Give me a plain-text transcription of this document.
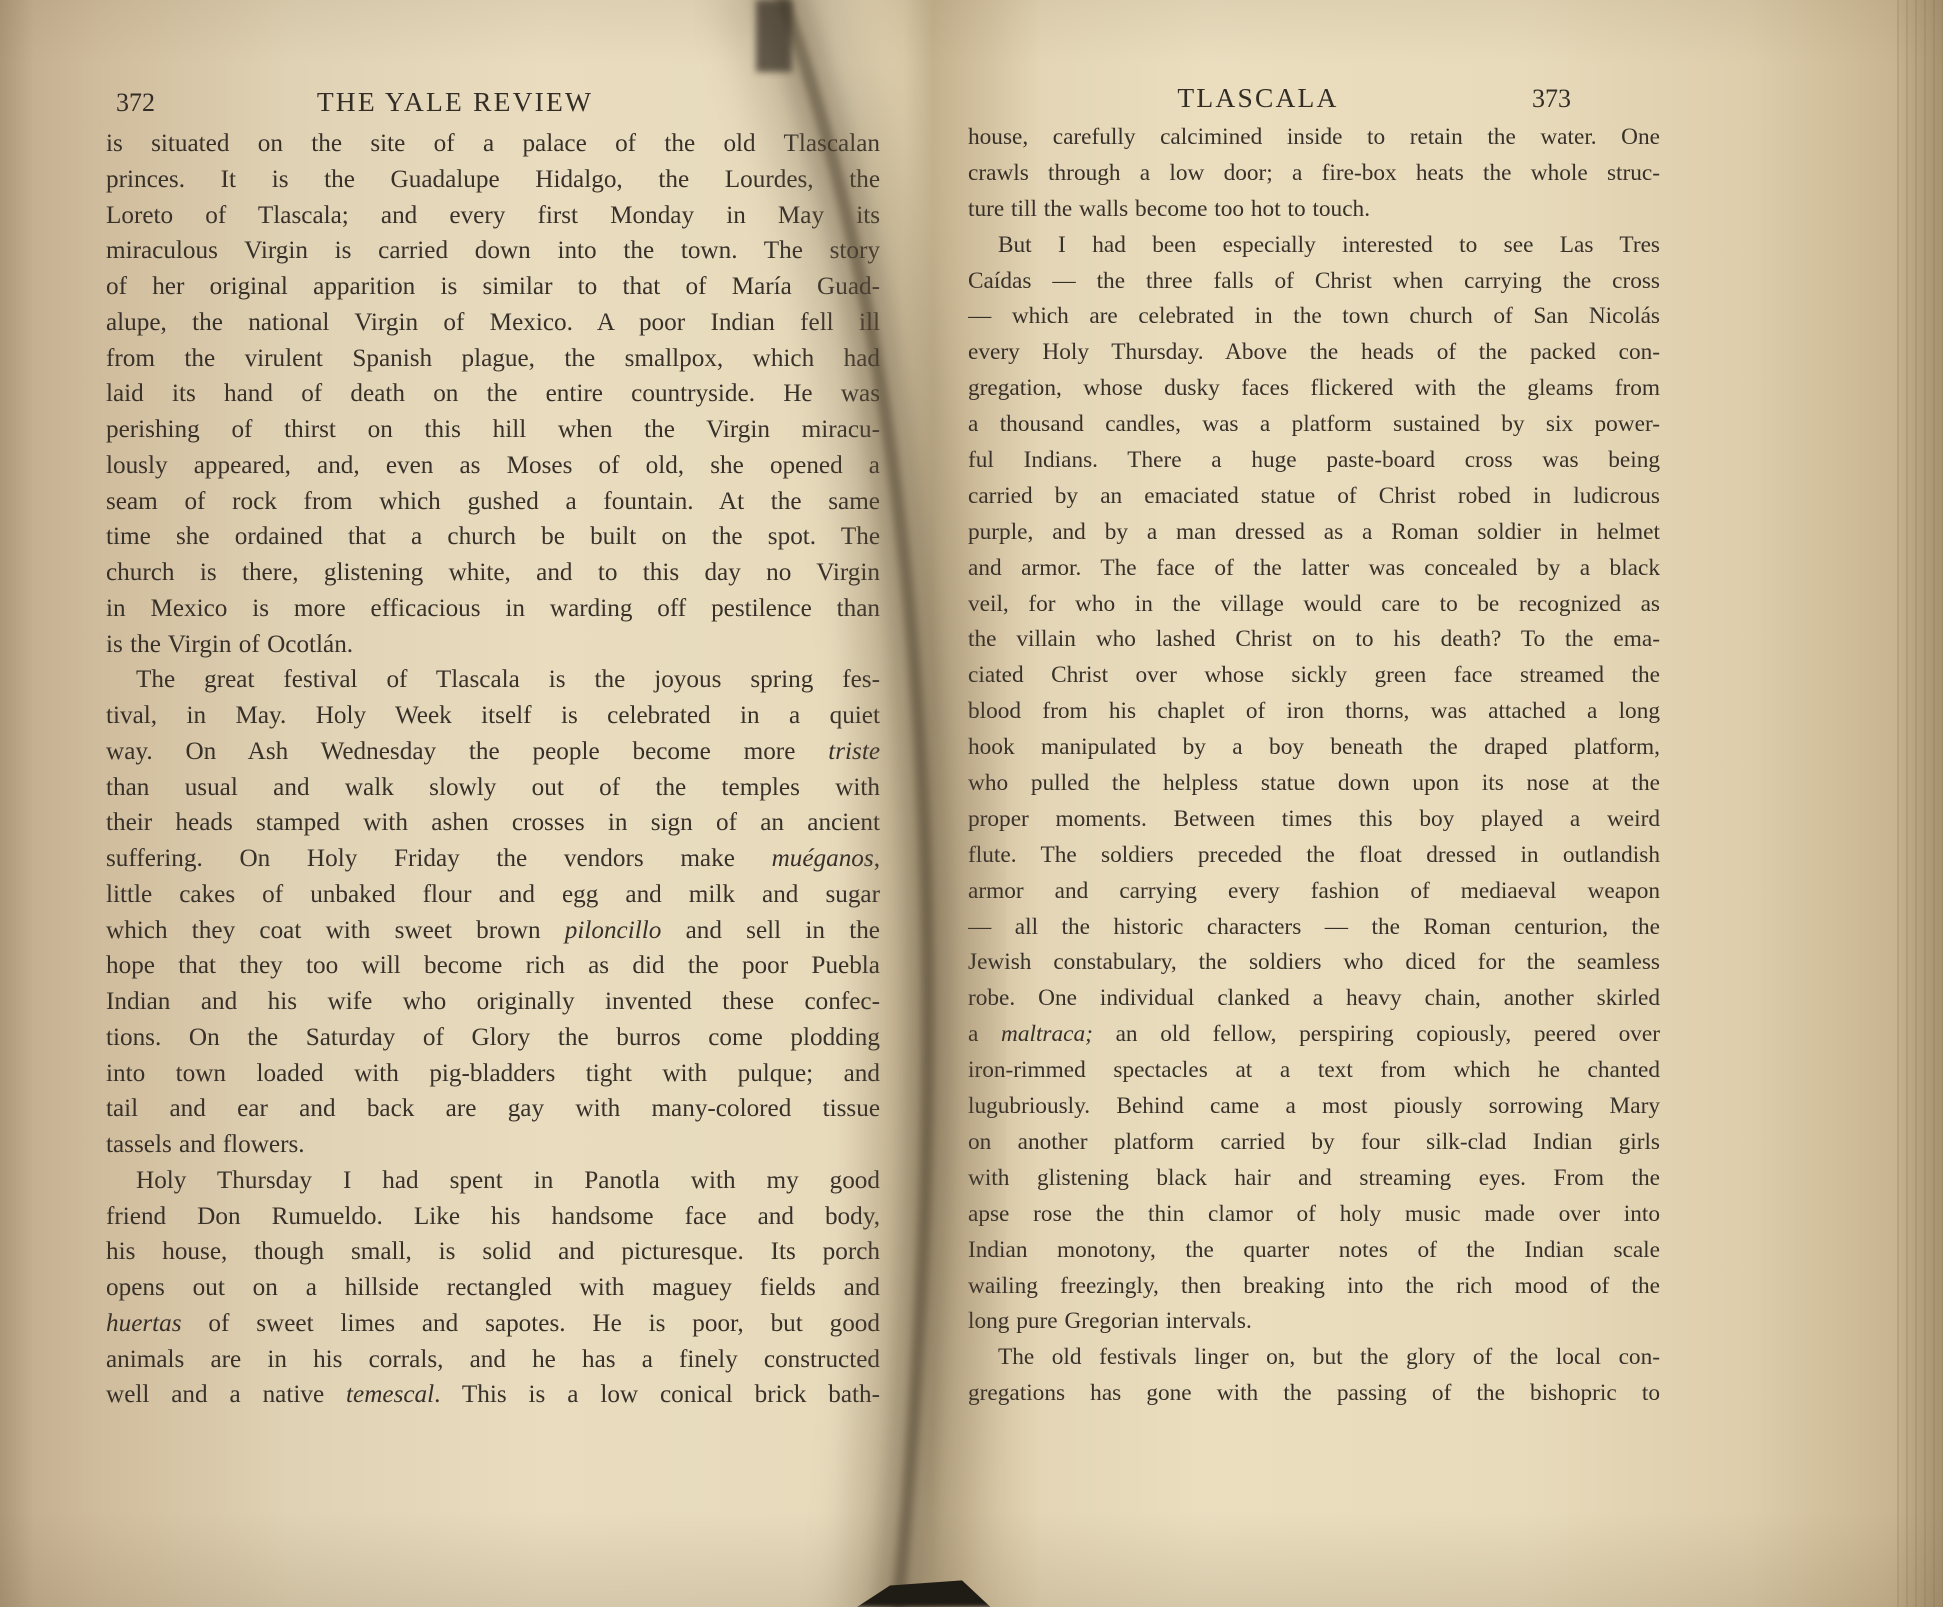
372	THE YALE REVIEW
is situated on the site of a palace of the old Tlascalan
princes. It is the Guadalupe Hidalgo, the Lourdes, the
Loreto of Tlascala; and every first Monday in May its
miraculous Virgin is carried down into the town. The story
of her original apparition is similar to that of María Guad-
alupe, the national Virgin of Mexico. A poor Indian fell ill
from the virulent Spanish plague, the smallpox, which had
laid its hand of death on the entire countryside. He was
perishing of thirst on this hill when the Virgin miracu-
lously appeared, and, even as Moses of old, she opened a
seam of rock from which gushed a fountain. At the same
time she ordained that a church be built on the spot. The
church is there, glistening white, and to this day no Virgin
in Mexico is more efficacious in warding off pestilence than
is the Virgin of Ocotlán.
The great festival of Tlascala is the joyous spring fes-
tival, in May. Holy Week itself is celebrated in a quiet
way. On Ash Wednesday the people become more triste
than usual and walk slowly out of the temples with
their heads stamped with ashen crosses in sign of an ancient
suffering. On Holy Friday the vendors make muéganos,
little cakes of unbaked flour and egg and milk and sugar
which they coat with sweet brown piloncillo and sell in the
hope that they too will become rich as did the poor Puebla
Indian and his wife who originally invented these confec-
tions. On the Saturday of Glory the burros come plodding
into town loaded with pig-bladders tight with pulque; and
tail and ear and back are gay with many-colored tissue
tassels and flowers.
Holy Thursday I had spent in Panotla with my good
friend Don Rumueldo. Like his handsome face and body,
his house, though small, is solid and picturesque. Its porch
opens out on a hillside rectangled with maguey fields and
huertas of sweet limes and sapotes. He is poor, but good
animals are in his corrals, and he has a finely constructed
well and a native temescal. This is a low conical brick bath-
TLASCALA	373
house, carefully calcimined inside to retain the water. One
crawls through a low door; a fire-box heats the whole struc-
ture till the walls become too hot to touch.
But I had been especially interested to see Las Tres
Caídas — the three falls of Christ when carrying the cross
— which are celebrated in the town church of San Nicolás
every Holy Thursday. Above the heads of the packed con-
gregation, whose dusky faces flickered with the gleams from
a thousand candles, was a platform sustained by six power-
ful Indians. There a huge paste-board cross was being
carried by an emaciated statue of Christ robed in ludicrous
purple, and by a man dressed as a Roman soldier in helmet
and armor. The face of the latter was concealed by a black
veil, for who in the village would care to be recognized as
the villain who lashed Christ on to his death? To the ema-
ciated Christ over whose sickly green face streamed the
blood from his chaplet of iron thorns, was attached a long
hook manipulated by a boy beneath the draped platform,
who pulled the helpless statue down upon its nose at the
proper moments. Between times this boy played a weird
flute. The soldiers preceded the float dressed in outlandish
armor and carrying every fashion of mediaeval weapon
— all the historic characters — the Roman centurion, the
Jewish constabulary, the soldiers who diced for the seamless
robe. One individual clanked a heavy chain, another skirled
a maltraca; an old fellow, perspiring copiously, peered over
iron-rimmed spectacles at a text from which he chanted
lugubriously. Behind came a most piously sorrowing Mary
on another platform carried by four silk-clad Indian girls
with glistening black hair and streaming eyes. From the
apse rose the thin clamor of holy music made over into
Indian monotony, the quarter notes of the Indian scale
wailing freezingly, then breaking into the rich mood of the
long pure Gregorian intervals.
The old festivals linger on, but the glory of the local con-
gregations has gone with the passing of the bishopric to
